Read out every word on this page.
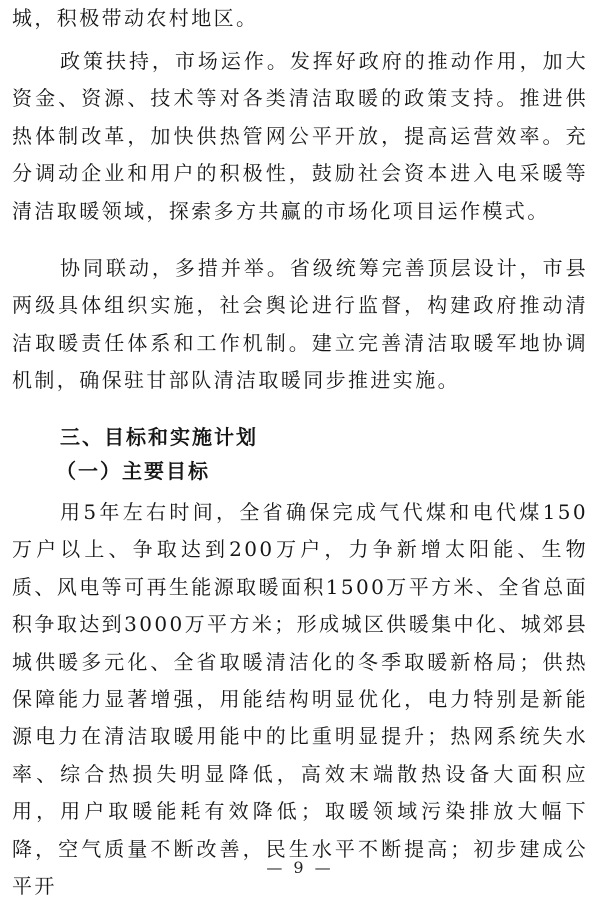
城，积极带动农村地区。

政策扶持，市场运作。发挥好政府的推动作用，加大资金、资源、技术等对各类清洁取暖的政策支持。推进供热体制改革，加快供热管网公平开放，提高运营效率。充分调动企业和用户的积极性，鼓励社会资本进入电采暖等清洁取暖领域，探索多方共赢的市场化项目运作模式。

协同联动，多措并举。省级统筹完善顶层设计，市县两级具体组织实施，社会舆论进行监督，构建政府推动清洁取暖责任体系和工作机制。建立完善清洁取暖军地协调机制，确保驻甘部队清洁取暖同步推进实施。

三、目标和实施计划
（一）主要目标

用5年左右时间，全省确保完成气代煤和电代煤150万户以上、争取达到200万户，力争新增太阳能、生物质、风电等可再生能源取暖面积1500万平方米、全省总面积争取达到3000万平方米；形成城区供暖集中化、城郊县城供暖多元化、全省取暖清洁化的冬季取暖新格局；供热保障能力显著增强，用能结构明显优化，电力特别是新能源电力在清洁取暖用能中的比重明显提升；热网系统失水率、综合热损失明显降低，高效末端散热设备大面积应用，用户取暖能耗有效降低；取暖领域污染排放大幅下降，空气质量不断改善，民生水平不断提高；初步建成公平开

— 9 —
